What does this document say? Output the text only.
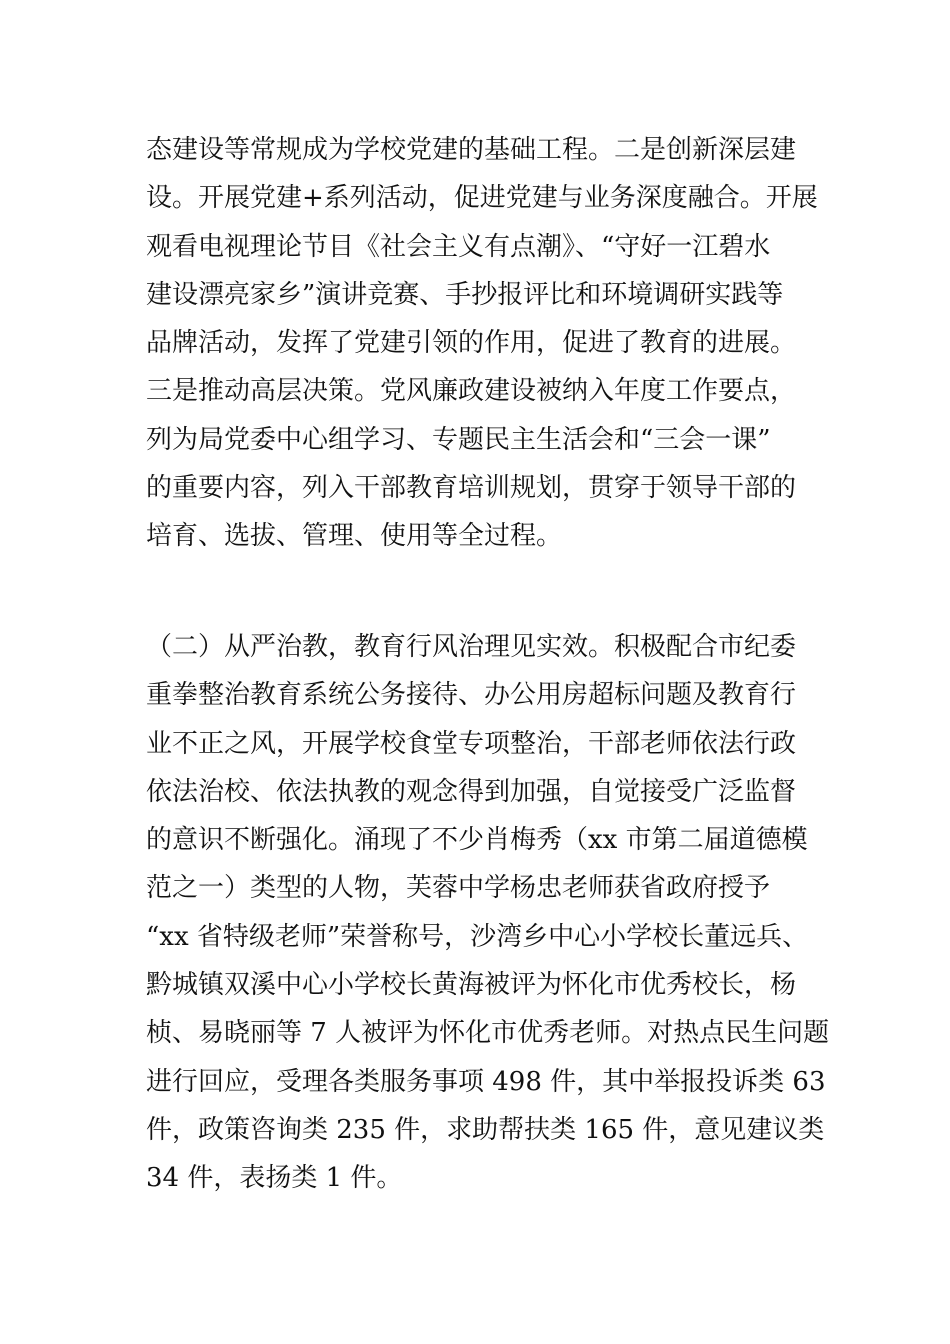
态建设等常规成为学校党建的基础工程。二是创新深层建
设。开展党建+系列活动，促进党建与业务深度融合。开展
观看电视理论节目《社会主义有点潮》、“守好一江碧水
建设漂亮家乡”演讲竞赛、手抄报评比和环境调研实践等
品牌活动，发挥了党建引领的作用，促进了教育的进展。
三是推动高层决策。党风廉政建设被纳入年度工作要点，
列为局党委中心组学习、专题民主生活会和“三会一课”
的重要内容，列入干部教育培训规划，贯穿于领导干部的
培育、选拔、管理、使用等全过程。
（二）从严治教，教育行风治理见实效。积极配合市纪委
重拳整治教育系统公务接待、办公用房超标问题及教育行
业不正之风，开展学校食堂专项整治，干部老师依法行政
依法治校、依法执教的观念得到加强，自觉接受广泛监督
的意识不断强化。涌现了不少肖梅秀（xx 市第二届道德模
范之一）类型的人物，芙蓉中学杨忠老师获省政府授予
“xx 省特级老师”荣誉称号，沙湾乡中心小学校长董远兵、
黔城镇双溪中心小学校长黄海被评为怀化市优秀校长，杨
桢、易晓丽等 7 人被评为怀化市优秀老师。对热点民生问题
进行回应，受理各类服务事项 498 件，其中举报投诉类 63
件，政策咨询类 235 件，求助帮扶类 165 件，意见建议类
34 件，表扬类 1 件。
